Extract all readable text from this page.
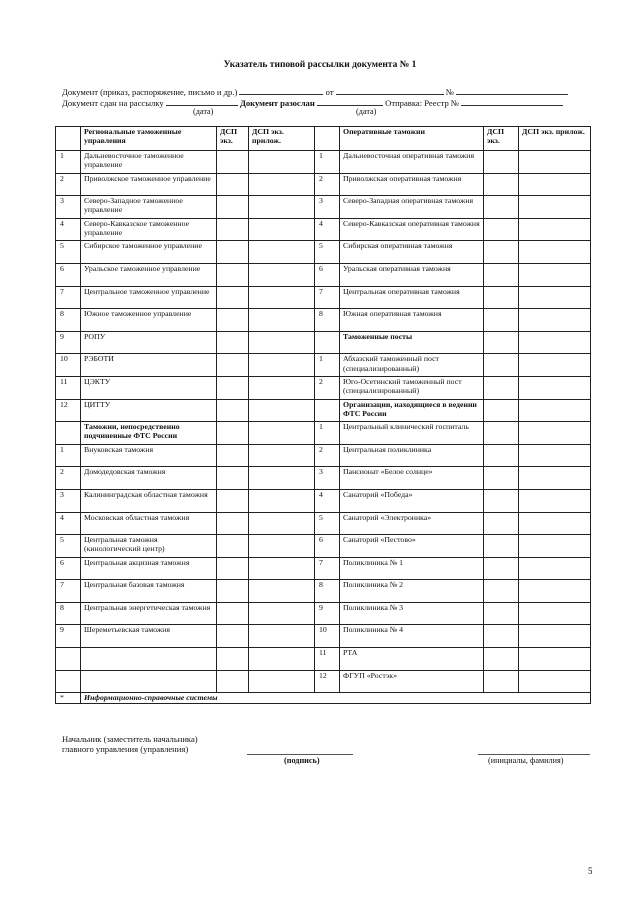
Указатель типовой рассылки документа № 1
Документ (приказ, распоряжение, письмо и др.)	от	№
Документ сдан на рассылку	Документ разослан	Отправка: Реестр №
(дата)	(дата)
	Региональные таможенные управления	ДСП экз.	ДСП экз. прилож.		Оперативные таможни	ДСП экз.	ДСП экз. прилож.
1	Дальневосточное таможенное управление			1	Дальневосточная оперативная таможня		
2	Приволжское таможенное управление			2	Приволжская оперативная таможня		
3	Северо-Западное таможенное управление			3	Северо-Западная оперативная таможня		
4	Северо-Кавказское таможенное управление			4	Северо-Кавказская оперативная таможня		
5	Сибирское таможенное управление			5	Сибирская оперативная таможня		
6	Уральское таможенное управление			6	Уральская оперативная таможня		
7	Центральное таможенное управление			7	Центральная оперативная таможня		
8	Южное таможенное управление			8	Южная оперативная таможня		
9	РОПУ				Таможенные посты		
10	РЭБОТИ			1	Абхазский таможенный пост (специализированный)		
11	ЦЭКТУ			2	Юго-Осетинский таможенный пост (специализированный)		
12	ЦИТТУ				Организации, находящиеся в ведении ФТС России		
	Таможни, непосредственно подчиненные ФТС России			1	Центральный клинический госпиталь		
1	Внуковская таможня			2	Центральная поликлиника		
2	Домодедовская таможня			3	Пансионат «Белое солнце»		
3	Калининградская областная таможня			4	Санаторий «Победа»		
4	Московская областная таможня			5	Санаторий «Электроника»		
5	Центральная таможня (кинологический центр)			6	Санаторий «Пестово»		
6	Центральная акцизная таможня			7	Поликлиника № 1		
7	Центральная базовая таможня			8	Поликлиника № 2		
8	Центральная энергетическая таможня			9	Поликлиника № 3		
9	Шереметьевская таможня			10	Поликлиника № 4		
				11	РТА		
				12	ФГУП «Ростэк»		
*	Информационно-справочные системы						
Начальник (заместитель начальника)
главного управления (управления)
(подпись)	(инициалы, фамилия)
5
